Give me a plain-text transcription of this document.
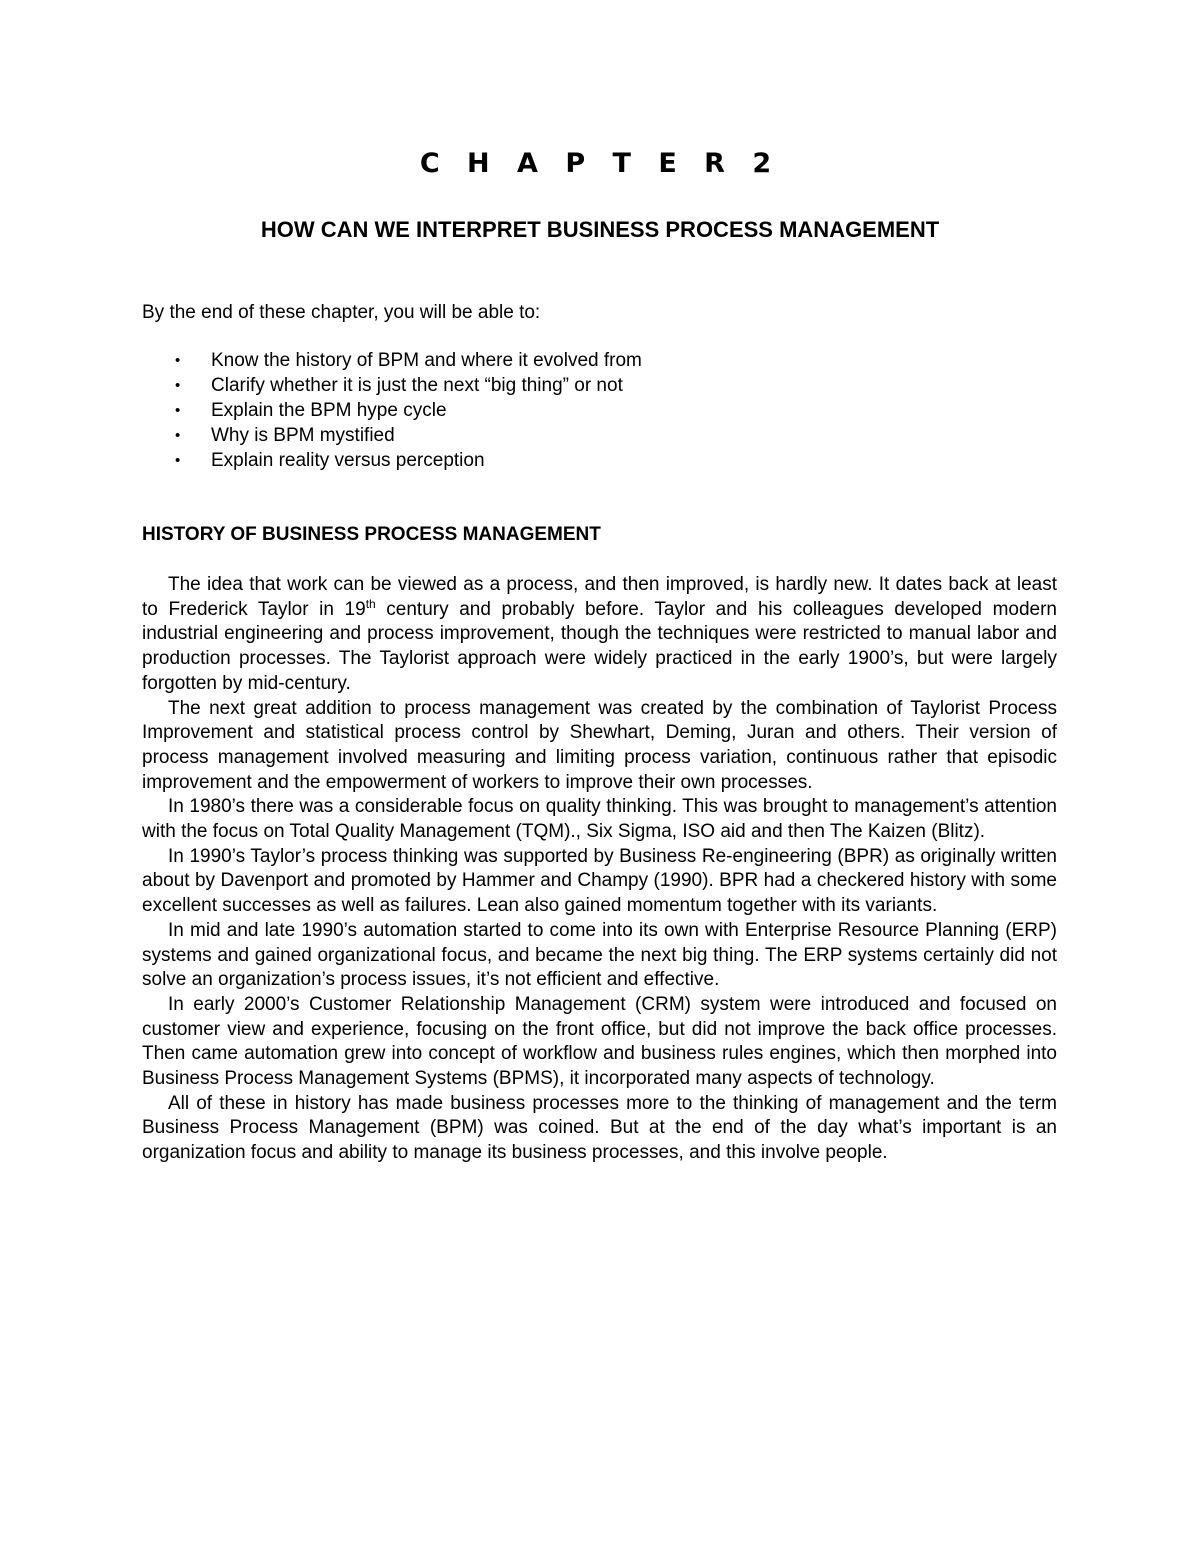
C H A P T E R 2
HOW CAN WE INTERPRET BUSINESS PROCESS MANAGEMENT
By the end of these chapter, you will be able to:
• Know the history of BPM and where it evolved from
• Clarify whether it is just the next “big thing” or not
• Explain the BPM hype cycle
• Why is BPM mystified
• Explain reality versus perception
HISTORY OF BUSINESS PROCESS MANAGEMENT

The idea that work can be viewed as a process, and then improved, is hardly new. It dates back at least to Frederick Taylor in 19th century and probably before. Taylor and his colleagues developed modern industrial engineering and process improvement, though the techniques were restricted to manual labor and production processes. The Taylorist approach were widely practiced in the early 1900’s, but were largely forgotten by mid-century.

The next great addition to process management was created by the combination of Taylorist Process Improvement and statistical process control by Shewhart, Deming, Juran and others. Their version of process management involved measuring and limiting process variation, continuous rather that episodic improvement and the empowerment of workers to improve their own processes.

In 1980’s there was a considerable focus on quality thinking. This was brought to management’s attention with the focus on Total Quality Management (TQM)., Six Sigma, ISO aid and then The Kaizen (Blitz).

In 1990’s Taylor’s process thinking was supported by Business Re-engineering (BPR) as originally written about by Davenport and promoted by Hammer and Champy (1990). BPR had a checkered history with some excellent successes as well as failures. Lean also gained momentum together with its variants.

In mid and late 1990’s automation started to come into its own with Enterprise Resource Planning (ERP) systems and gained organizational focus, and became the next big thing. The ERP systems certainly did not solve an organization’s process issues, it’s not efficient and effective.

In early 2000’s Customer Relationship Management (CRM) system were introduced and focused on customer view and experience, focusing on the front office, but did not improve the back office processes. Then came automation grew into concept of workflow and business rules engines, which then morphed into Business Process Management Systems (BPMS), it incorporated many aspects of technology.

All of these in history has made business processes more to the thinking of management and the term Business Process Management (BPM) was coined. But at the end of the day what’s important is an organization focus and ability to manage its business processes, and this involve people.
